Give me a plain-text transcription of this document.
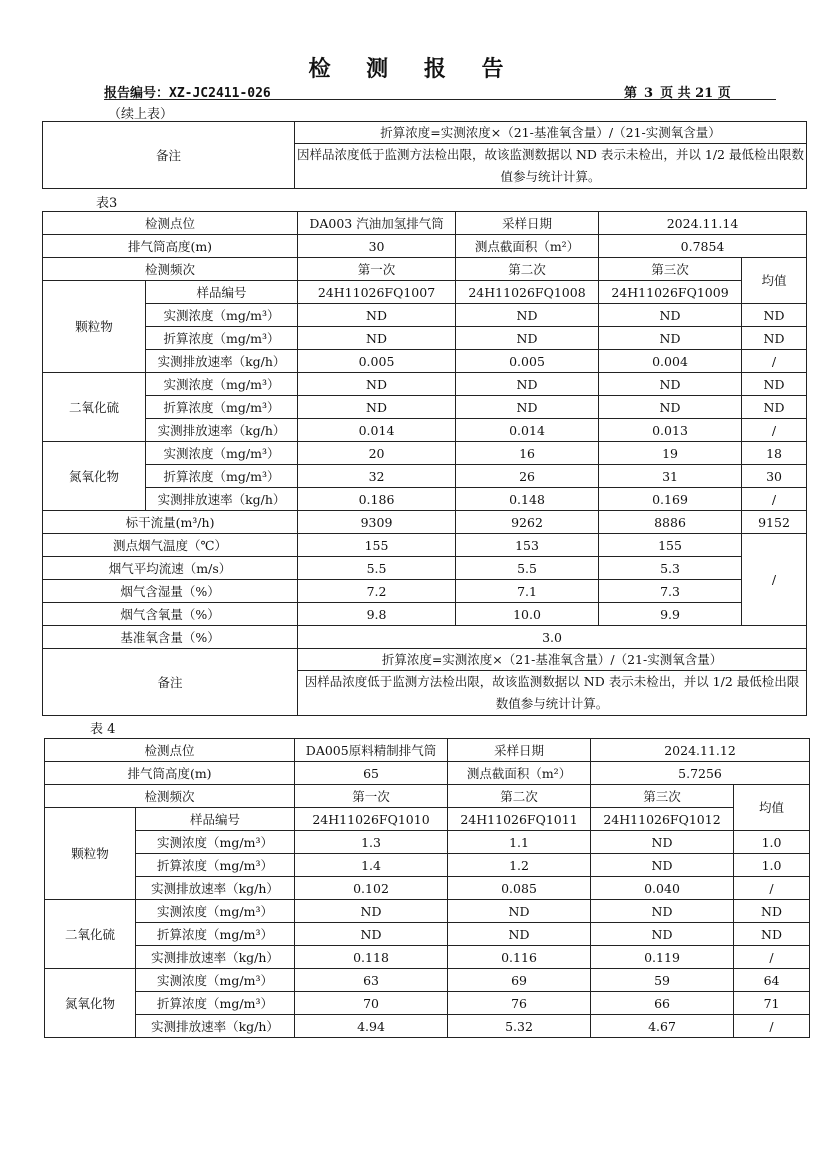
检 测 报 告
报告编号：XZ-JC2411-026	第 3 页 共 21 页
（续上表）
备注	折算浓度=实测浓度×（21-基准氧含量）/（21-实测氧含量）
因样品浓度低于监测方法检出限，故该监测数据以 ND 表示未检出，并以 1/2 最低检出限数值参与统计计算。
表3
检测点位		DA003 汽油加氢排气筒	采样日期	2024.11.14	
排气筒高度(m)		30	测点截面积（m²）	0.7854	
检测频次		第一次	第二次	第三次	均值
颗粒物	样品编号	24H11026FQ1007	24H11026FQ1008	24H11026FQ1009	
	实测浓度（mg/m³）	ND	ND	ND	ND
	折算浓度（mg/m³）	ND	ND	ND	ND
	实测排放速率（kg/h）	0.005	0.005	0.004	/
二氧化硫	实测浓度（mg/m³）	ND	ND	ND	ND
	折算浓度（mg/m³）	ND	ND	ND	ND
	实测排放速率（kg/h）	0.014	0.014	0.013	/
氮氧化物	实测浓度（mg/m³）	20	16	19	18
	折算浓度（mg/m³）	32	26	31	30
	实测排放速率（kg/h）	0.186	0.148	0.169	/
标干流量(m³/h)		9309	9262	8886	9152
测点烟气温度（℃）		155	153	155	/
烟气平均流速（m/s）		5.5	5.5	5.3	
烟气含湿量（%）		7.2	7.1	7.3	
烟气含氧量（%）		9.8	10.0	9.9	
基准氧含量（%）		3.0			
备注		折算浓度=实测浓度×（21-基准氧含量）/（21-实测氧含量）			
		因样品浓度低于监测方法检出限，故该监测数据以 ND 表示未检出，并以 1/2 最低检出限数值参与统计计算。			
表 4
检测点位		DA005原料精制排气筒	采样日期	2024.11.12	
排气筒高度(m)		65	测点截面积（m²）	5.7256	
检测频次		第一次	第二次	第三次	均值
颗粒物	样品编号	24H11026FQ1010	24H11026FQ1011	24H11026FQ1012	
	实测浓度（mg/m³）	1.3	1.1	ND	1.0
	折算浓度（mg/m³）	1.4	1.2	ND	1.0
	实测排放速率（kg/h）	0.102	0.085	0.040	/
二氧化硫	实测浓度（mg/m³）	ND	ND	ND	ND
	折算浓度（mg/m³）	ND	ND	ND	ND
	实测排放速率（kg/h）	0.118	0.116	0.119	/
氮氧化物	实测浓度（mg/m³）	63	69	59	64
	折算浓度（mg/m³）	70	76	66	71
	实测排放速率（kg/h）	4.94	5.32	4.67	/
